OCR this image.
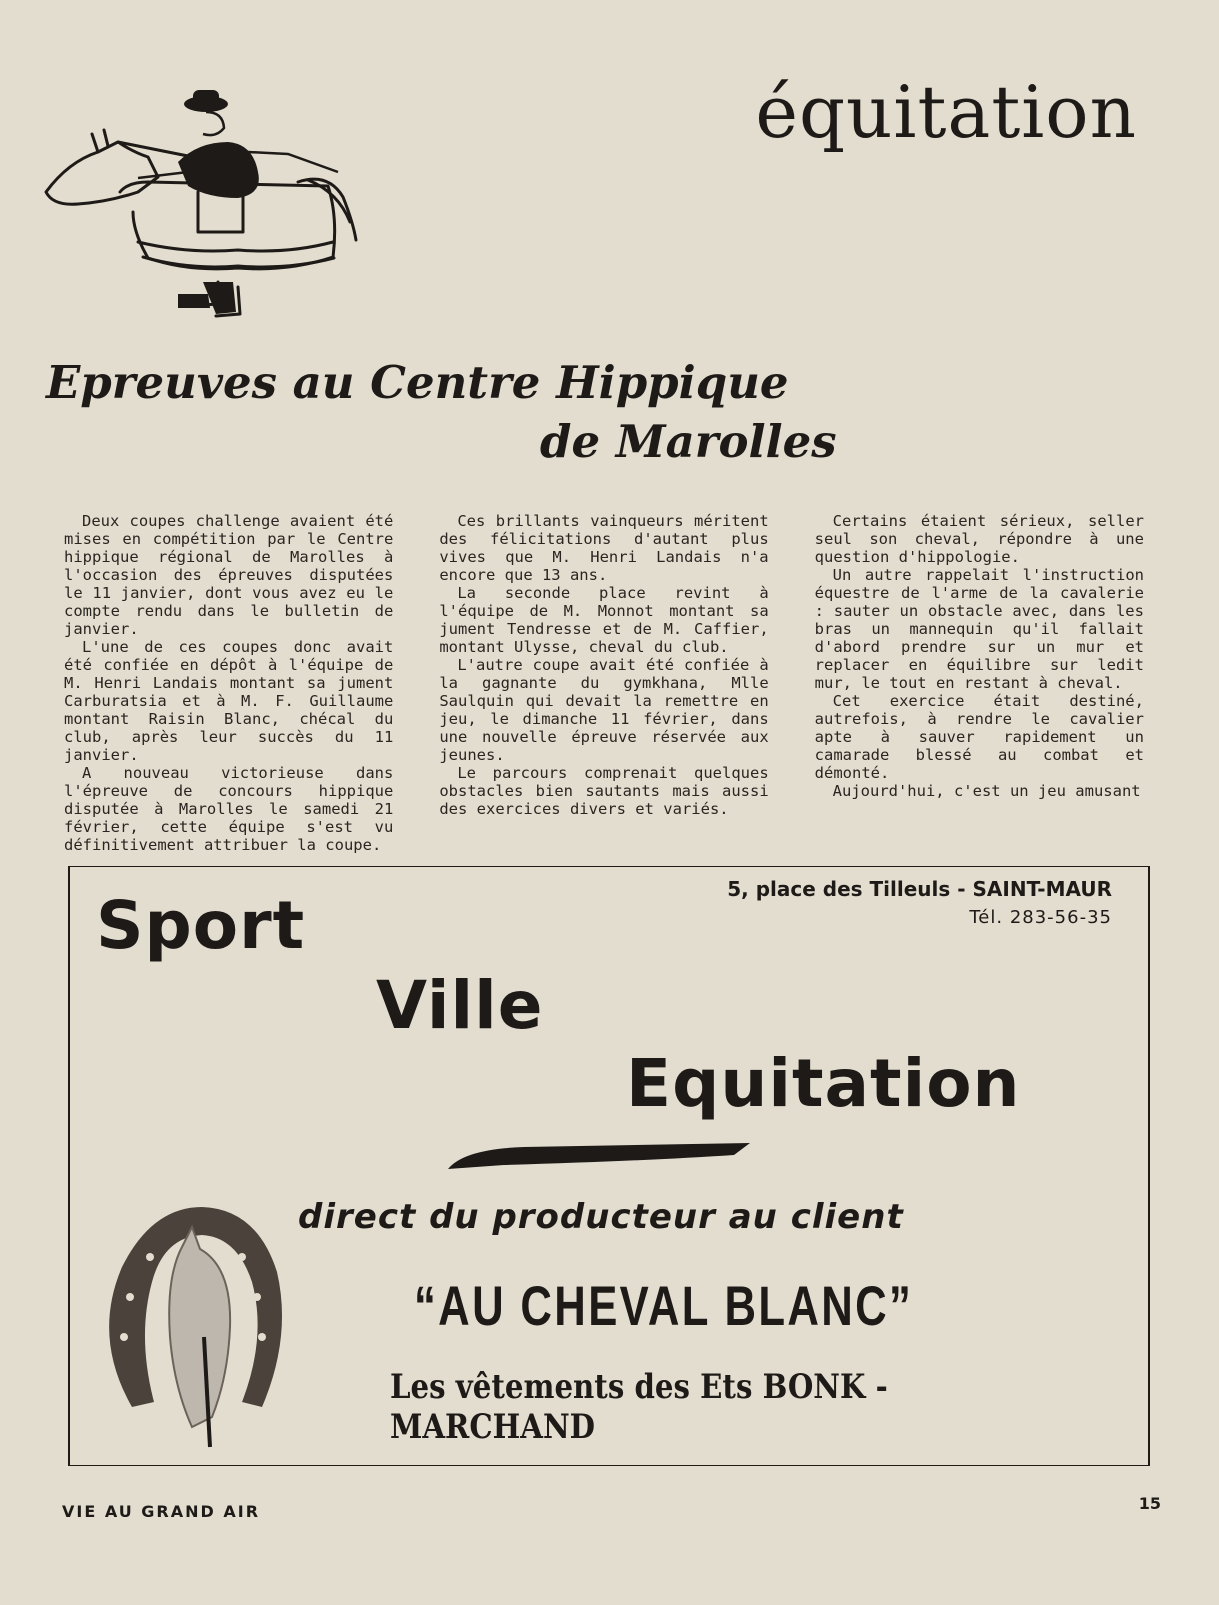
équitation
Epreuves au Centre Hippique
de Marolles

Deux coupes challenge avaient été mises en compétition par le Centre hippique régional de Marolles à l'occasion des épreuves disputées le 11 janvier, dont vous avez eu le compte rendu dans le bulletin de janvier.

L'une de ces coupes donc avait été confiée en dépôt à l'équipe de M. Henri Landais montant sa jument Carburatsia et à M. F. Guillaume montant Raisin Blanc, chécal du club, après leur succès du 11 janvier.

A nouveau victorieuse dans l'épreuve de concours hippique disputée à Marolles le samedi 21 février, cette équipe s'est vu définitivement attribuer la coupe.

Ces brillants vainqueurs méritent des félicitations d'autant plus vives que M. Henri Landais n'a encore que 13 ans.

La seconde place revint à l'équipe de M. Monnot montant sa jument Tendresse et de M. Caffier, montant Ulysse, cheval du club.

L'autre coupe avait été confiée à la gagnante du gymkhana, Mlle Saulquin qui devait la remettre en jeu, le dimanche 11 février, dans une nouvelle épreuve réservée aux jeunes.

Le parcours comprenait quelques obstacles bien sautants mais aussi des exercices divers et variés.

Certains étaient sérieux, seller seul son cheval, répondre à une question d'hippologie.

Un autre rappelait l'instruction équestre de l'arme de la cavalerie : sauter un obstacle avec, dans les bras un mannequin qu'il fallait d'abord prendre sur un mur et replacer en équilibre sur ledit mur, le tout en restant à cheval.

Cet exercice était destiné, autrefois, à rendre le cavalier apte à sauver rapidement un camarade blessé au combat et démonté.

Aujourd'hui, c'est un jeu amusant

5, place des Tilleuls - SAINT-MAUR
Tél. 283-56-35
Sport
Ville
Equitation
direct du producteur au client
“AU CHEVAL BLANC”
Les vêtements des Ets BONK - MARCHAND
VIE AU GRAND AIR	15
